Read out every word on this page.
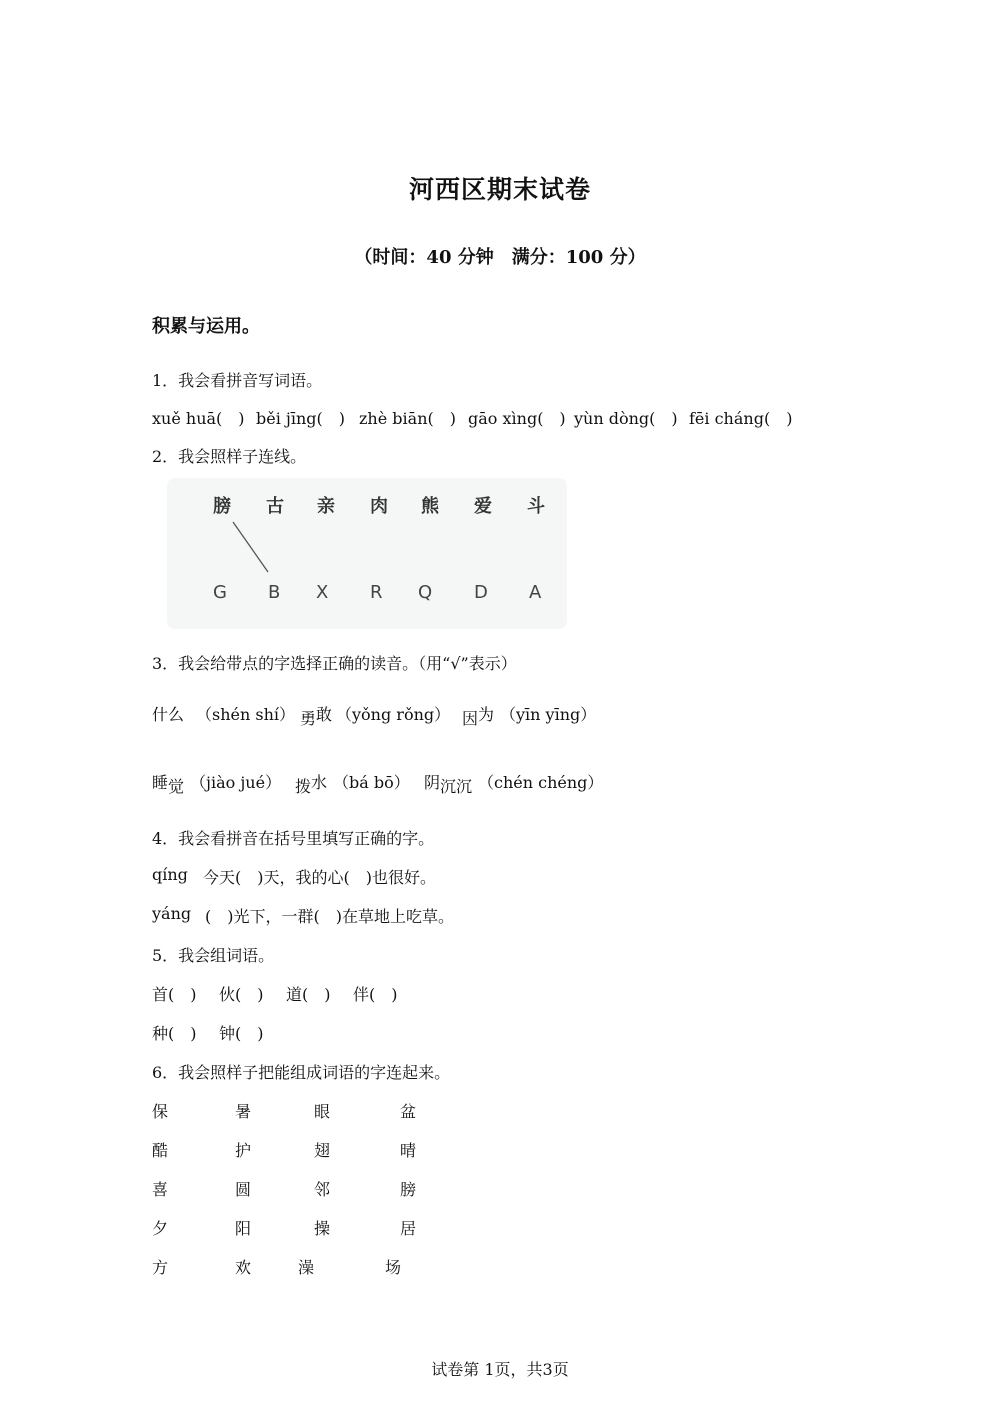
河西区期末试卷
（时间：40 分钟　满分：100 分）
积累与运用。
1．我会看拼音写词语。
xuě huā(　) běi jīng(　) zhè biān(　) gāo xìng(　) yùn dòng(　) fēi cháng(　)
2．我会照样子连线。
膀 古 亲 肉 熊 爱 斗
G B X R Q D A
3．我会给带点的字选择正确的读音。（用“√”表示）
什么 （shén shí） 勇敢 （yǒng rǒng） 因为 （yīn yīng）
睡觉 （jiào jué） 拨水 （bá bō） 阴沉沉 （chén chéng）
4．我会看拼音在括号里填写正确的字。
qíng 今天(　)天，我的心(　)也很好。
yáng (　)光下，一群(　)在草地上吃草。
5．我会组词语。
首(　) 伙(　) 道(　) 伴(　)
种(　) 钟(　)
6．我会照样子把能组成词语的字连起来。
保	暑	眼	盆
酷	护	翅	晴
喜	圆	邻	膀
夕	阳	操	居
方	欢	澡	场
试卷第 1页，共3页
